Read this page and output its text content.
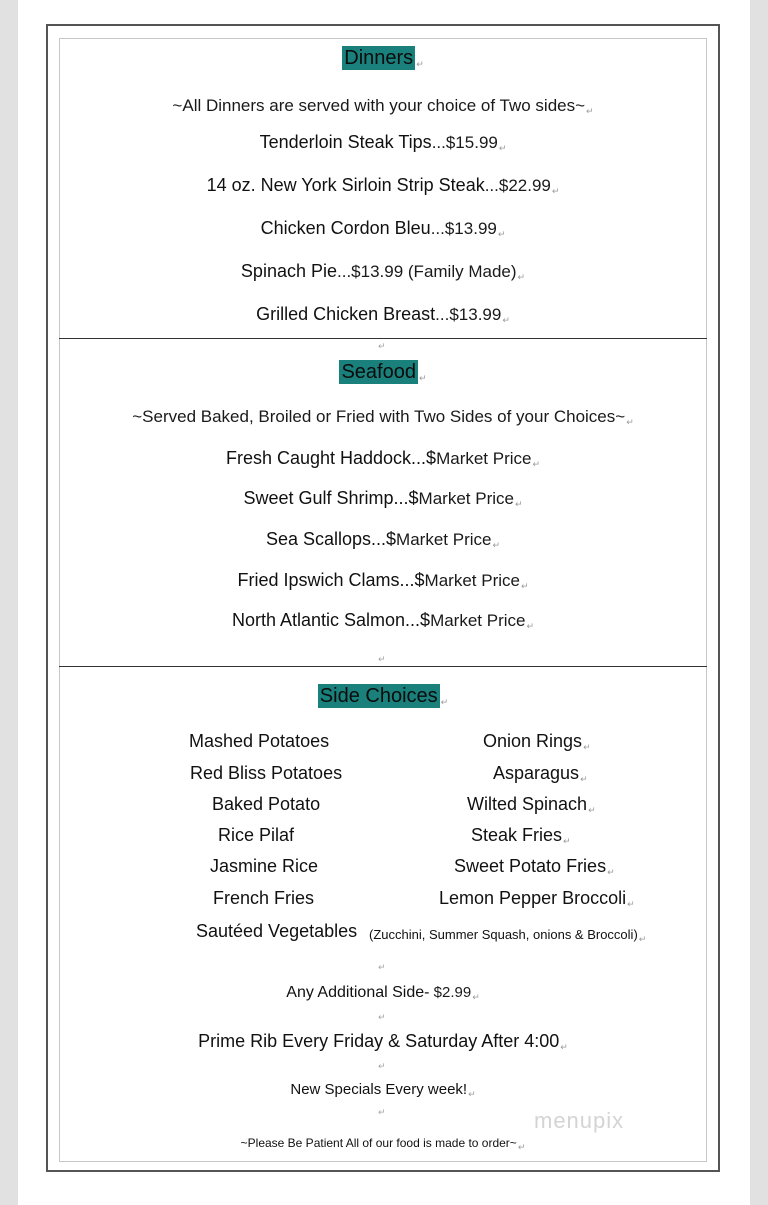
Dinners ↵
~All Dinners are served with your choice of Two sides~↵
Tenderloin Steak Tips...$15.99↵
14 oz. New York Sirloin Strip Steak...$22.99↵
Chicken Cordon Bleu...$13.99↵
Spinach Pie...$13.99 (Family Made)↵
Grilled Chicken Breast...$13.99↵
↵
Seafood ↵
~Served Baked, Broiled or Fried with Two Sides of your Choices~↵
Fresh Caught Haddock...$Market Price↵
Sweet Gulf Shrimp...$Market Price↵
Sea Scallops...$Market Price↵
Fried Ipswich Clams...$Market Price↵
North Atlantic Salmon...$Market Price↵
↵
Side Choices ↵
Mashed Potatoes
Red Bliss Potatoes
Baked Potato
Rice Pilaf
Jasmine Rice
French Fries
Sautéed Vegetables (Zucchini, Summer Squash, onions & $Broccoli)_↵$
Onion Rings↵
Asparagus↵
Wilted Spinach↵
Steak Fries↵
Sweet Potato Fries↵
Lemon Pepper Broccoli↵
↵
Any Additional Side- $2.99↵
↵
Prime Rib Every Friday & Saturday After 4:00↵
↵
New Specials Every $week!_↵$
↵
~Please Be Patient All of our food is made to $order\sim_↵$
menupix
